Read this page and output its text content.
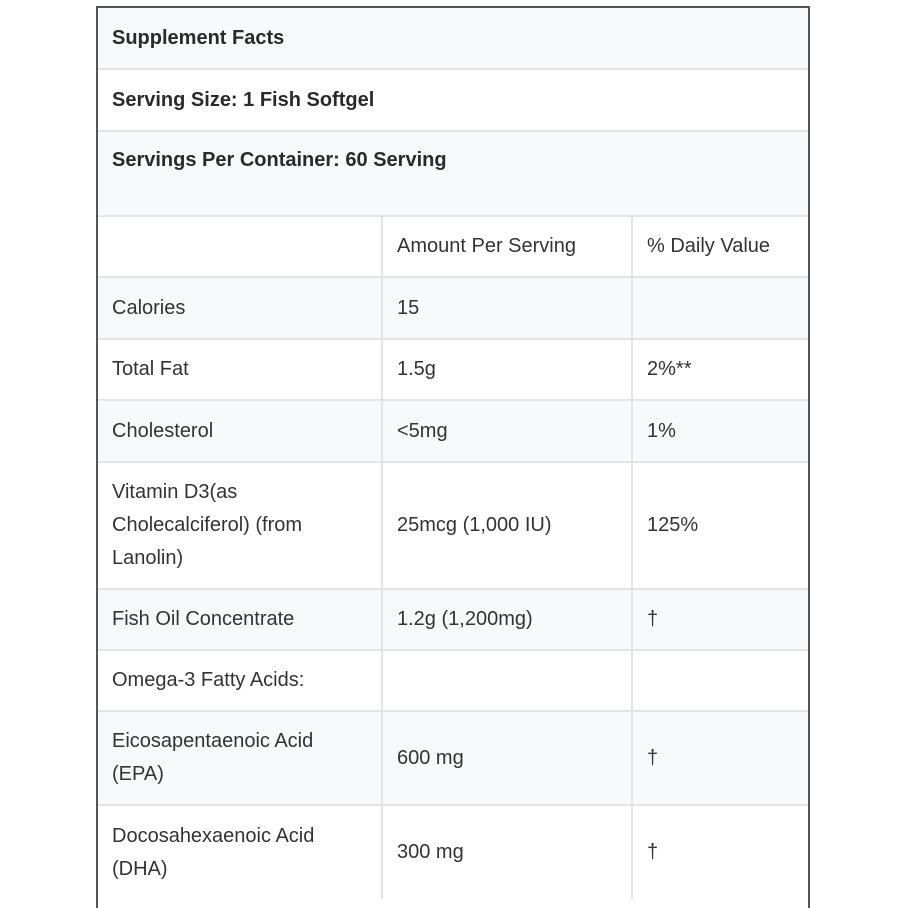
Supplement Facts		
Serving Size: 1 Fish Softgel		
Servings Per Container: 60 Serving		
	Amount Per Serving	% Daily Value
Calories	15	
Total Fat	1.5g	2%**
Cholesterol	<5mg	1%
Vitamin D3(as Cholecalciferol) (from Lanolin)	25mcg (1,000 IU)	125%
Fish Oil Concentrate	1.2g (1,200mg)	†
Omega-3 Fatty Acids:		
Eicosapentaenoic Acid (EPA)	600 mg	†
Docosahexaenoic Acid (DHA)	300 mg	†
